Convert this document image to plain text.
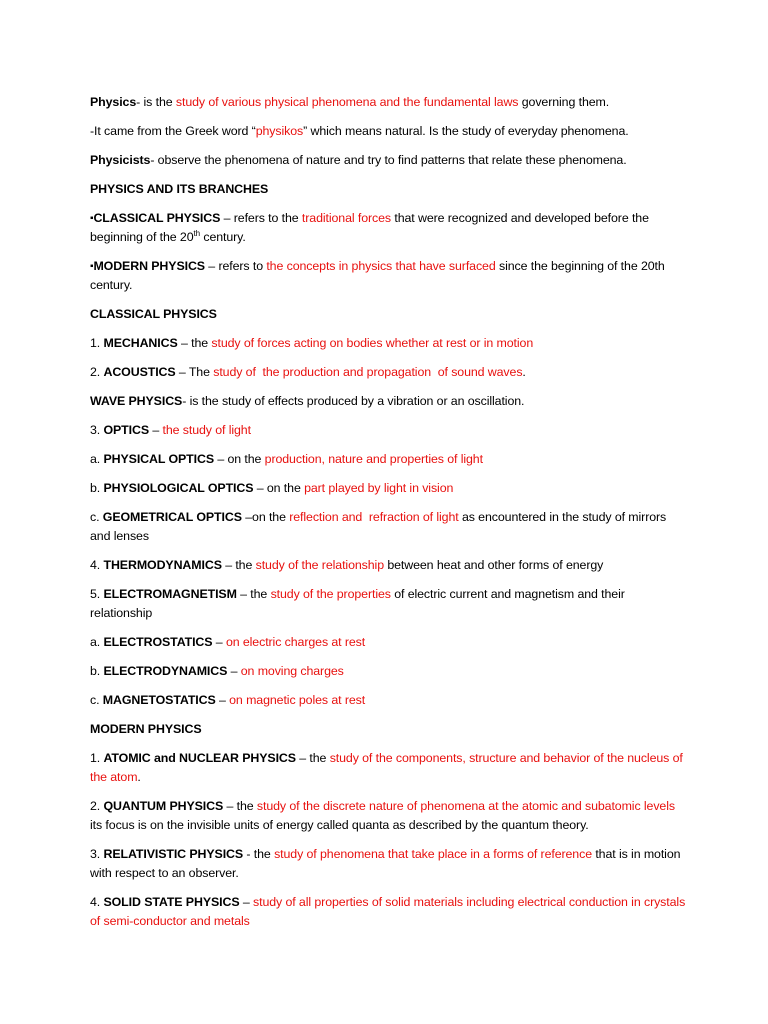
Physics- is the study of various physical phenomena and the fundamental laws governing them.

-It came from the Greek word “physikos” which means natural. Is the study of everyday phenomena.

Physicists- observe the phenomena of nature and try to find patterns that relate these phenomena.

PHYSICS AND ITS BRANCHES

▪CLASSICAL PHYSICS – refers to the traditional forces that were recognized and developed before the beginning of the 20th century.

▪MODERN PHYSICS – refers to the concepts in physics that have surfaced since the beginning of the 20th century.

CLASSICAL PHYSICS

1. MECHANICS – the study of forces acting on bodies whether at rest or in motion

2. ACOUSTICS – The study of  the production and propagation  of sound waves.

WAVE PHYSICS- is the study of effects produced by a vibration or an oscillation.

3. OPTICS – the study of light

a. PHYSICAL OPTICS – on the production, nature and properties of light

b. PHYSIOLOGICAL OPTICS – on the part played by light in vision

c. GEOMETRICAL OPTICS –on the reflection and  refraction of light as encountered in the study of mirrors and lenses

4. THERMODYNAMICS – the study of the relationship between heat and other forms of energy

5. ELECTROMAGNETISM – the study of the properties of electric current and magnetism and their relationship

a. ELECTROSTATICS – on electric charges at rest

b. ELECTRODYNAMICS – on moving charges

c. MAGNETOSTATICS – on magnetic poles at rest

MODERN PHYSICS

1. ATOMIC and NUCLEAR PHYSICS – the study of the components, structure and behavior of the nucleus of the atom.

2. QUANTUM PHYSICS – the study of the discrete nature of phenomena at the atomic and subatomic levels its focus is on the invisible units of energy called quanta as described by the quantum theory.

3. RELATIVISTIC PHYSICS - the study of phenomena that take place in a forms of reference that is in motion with respect to an observer.

4. SOLID STATE PHYSICS – study of all properties of solid materials including electrical conduction in crystals of semi-conductor and metals
